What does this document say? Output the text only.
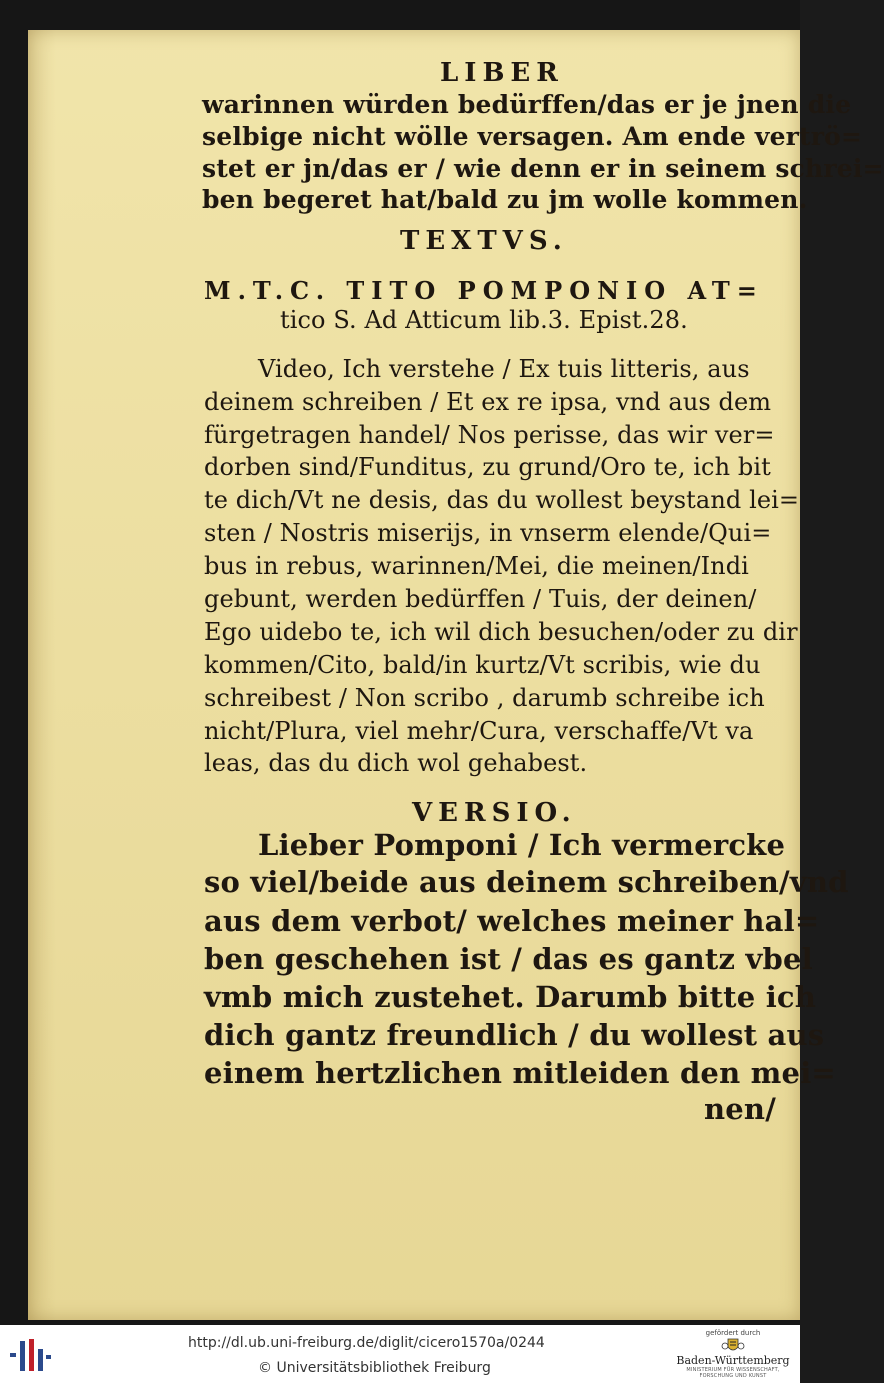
LIBER
warinnen würden bedürffen/das er je jnen die
selbige nicht wölle versagen. Am ende vertrö=
stet er jn/das er / wie denn er in seinem schrei=
ben begeret hat/bald zu jm wolle kommen.
TEXTVS.
M.T.C. TITO POMPONIO AT=
tico S. Ad Atticum lib.3. Epist.28.
Video, Ich verstehe / Ex tuis litteris, aus
deinem schreiben / Et ex re ipsa, vnd aus dem
fürgetragen handel/ Nos perisse, das wir ver=
dorben sind/Funditus, zu grund/Oro te, ich bit
te dich/Vt ne desis, das du wollest beystand lei=
sten / Nostris miserijs, in vnserm elende/Qui=
bus in rebus, warinnen/Mei, die meinen/Indi
gebunt, werden bedürffen / Tuis, der deinen/
Ego uidebo te, ich wil dich besuchen/oder zu dir
kommen/Cito, bald/in kurtz/Vt scribis, wie du
schreibest / Non scribo , darumb schreibe ich
nicht/Plura, viel mehr/Cura, verschaffe/Vt va
leas, das du dich wol gehabest.
VERSIO.
Lieber Pomponi / Ich vermercke
so viel/beide aus deinem schreiben/vnd
aus dem verbot/ welches meiner hal=
ben geschehen ist / das es gantz vbel
vmb mich zustehet. Darumb bitte ich
dich gantz freundlich / du wollest aus
einem hertzlichen mitleiden den mei=
nen/
http://dl.ub.uni-freiburg.de/diglit/cicero1570a/0244
© Universitätsbibliothek Freiburg
gefördert durch
Baden-Württemberg
MINISTERIUM FÜR WISSENSCHAFT, FORSCHUNG UND KUNST
